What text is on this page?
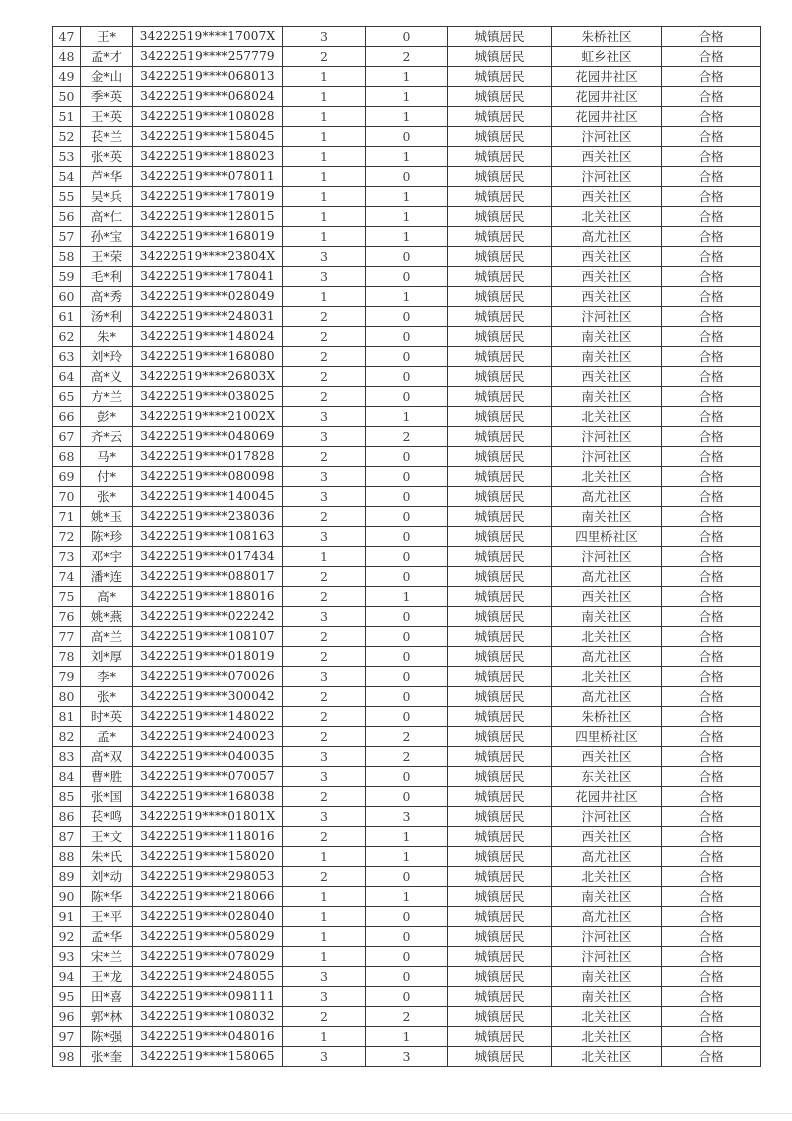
47	王*	34222519****17007X	3	0	城镇居民	朱桥社区	合格
48	孟*才	34222519****257779	2	2	城镇居民	虹乡社区	合格
49	金*山	34222519****068013	1	1	城镇居民	花园井社区	合格
50	季*英	34222519****068024	1	1	城镇居民	花园井社区	合格
51	王*英	34222519****108028	1	1	城镇居民	花园井社区	合格
52	苌*兰	34222519****158045	1	0	城镇居民	汴河社区	合格
53	张*英	34222519****188023	1	1	城镇居民	西关社区	合格
54	芦*华	34222519****078011	1	0	城镇居民	汴河社区	合格
55	吴*兵	34222519****178019	1	1	城镇居民	西关社区	合格
56	高*仁	34222519****128015	1	1	城镇居民	北关社区	合格
57	孙*宝	34222519****168019	1	1	城镇居民	高尤社区	合格
58	王*荣	34222519****23804X	3	0	城镇居民	西关社区	合格
59	毛*利	34222519****178041	3	0	城镇居民	西关社区	合格
60	高*秀	34222519****028049	1	1	城镇居民	西关社区	合格
61	汤*利	34222519****248031	2	0	城镇居民	汴河社区	合格
62	朱*	34222519****148024	2	0	城镇居民	南关社区	合格
63	刘*玲	34222519****168080	2	0	城镇居民	南关社区	合格
64	高*义	34222519****26803X	2	0	城镇居民	西关社区	合格
65	方*兰	34222519****038025	2	0	城镇居民	南关社区	合格
66	彭*	34222519****21002X	3	1	城镇居民	北关社区	合格
67	齐*云	34222519****048069	3	2	城镇居民	汴河社区	合格
68	马*	34222519****017828	2	0	城镇居民	汴河社区	合格
69	付*	34222519****080098	3	0	城镇居民	北关社区	合格
70	张*	34222519****140045	3	0	城镇居民	高尤社区	合格
71	姚*玉	34222519****238036	2	0	城镇居民	南关社区	合格
72	陈*珍	34222519****108163	3	0	城镇居民	四里桥社区	合格
73	邓*宇	34222519****017434	1	0	城镇居民	汴河社区	合格
74	潘*连	34222519****088017	2	0	城镇居民	高尤社区	合格
75	高*	34222519****188016	2	1	城镇居民	西关社区	合格
76	姚*燕	34222519****022242	3	0	城镇居民	南关社区	合格
77	高*兰	34222519****108107	2	0	城镇居民	北关社区	合格
78	刘*厚	34222519****018019	2	0	城镇居民	高尤社区	合格
79	李*	34222519****070026	3	0	城镇居民	北关社区	合格
80	张*	34222519****300042	2	0	城镇居民	高尤社区	合格
81	时*英	34222519****148022	2	0	城镇居民	朱桥社区	合格
82	孟*	34222519****240023	2	2	城镇居民	四里桥社区	合格
83	高*双	34222519****040035	3	2	城镇居民	西关社区	合格
84	曹*胜	34222519****070057	3	0	城镇居民	东关社区	合格
85	张*国	34222519****168038	2	0	城镇居民	花园井社区	合格
86	苌*鸣	34222519****01801X	3	3	城镇居民	汴河社区	合格
87	王*文	34222519****118016	2	1	城镇居民	西关社区	合格
88	朱*氏	34222519****158020	1	1	城镇居民	高尤社区	合格
89	刘*动	34222519****298053	2	0	城镇居民	北关社区	合格
90	陈*华	34222519****218066	1	1	城镇居民	南关社区	合格
91	王*平	34222519****028040	1	0	城镇居民	高尤社区	合格
92	孟*华	34222519****058029	1	0	城镇居民	汴河社区	合格
93	宋*兰	34222519****078029	1	0	城镇居民	汴河社区	合格
94	王*龙	34222519****248055	3	0	城镇居民	南关社区	合格
95	田*喜	34222519****098111	3	0	城镇居民	南关社区	合格
96	郭*林	34222519****108032	2	2	城镇居民	北关社区	合格
97	陈*强	34222519****048016	1	1	城镇居民	北关社区	合格
98	张*奎	34222519****158065	3	3	城镇居民	北关社区	合格
